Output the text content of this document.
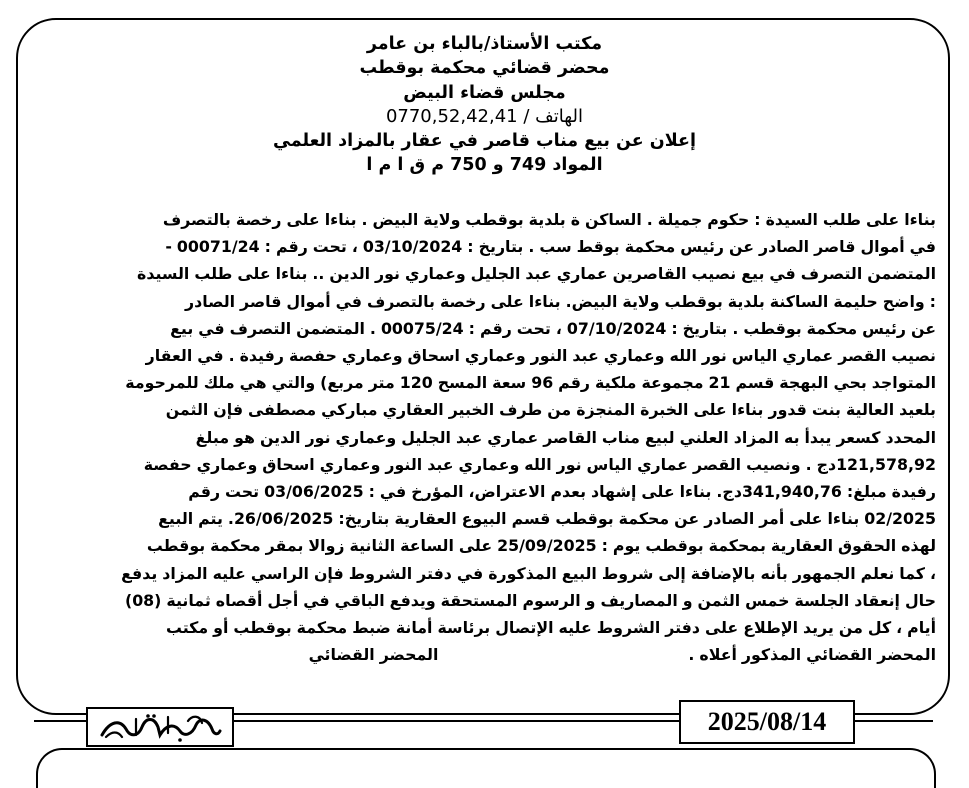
مكتب الأستاذ/بالباء بن عامر
محضر قضائي محكمة بوقطب
مجلس قضاء البيض
الهاتف / 0770,52,42,41
إعلان عن بيع مناب قاصر في عقار بالمزاد العلمي
المواد 749 و 750 م ق ا م ا
بناءا على طلب السيدة : حكوم جميلة . الساكن ة بلدية بوقطب ولاية البيض . بناءا على رخصة بالتصرف
في أموال قاصر الصادر عن رئيس محكمة بوقط سب . بتاريخ : 03/10/2024 ، تحت رقم : 00071/24 -
المتضمن التصرف في بيع نصيب القاصرين عماري عبد الجليل وعماري نور الدين .. بناءا على طلب السيدة
: واضح حليمة الساكنة بلدية بوقطب ولاية البيض. بناءا على رخصة بالتصرف في أموال قاصر الصادر
عن رئيس محكمة بوقطب . بتاريخ : 07/10/2024 ، تحت رقم : 00075/24 . المتضمن التصرف في بيع
نصيب القصر عماري الياس نور الله وعماري عبد النور وعماري اسحاق وعماري حفصة رفيدة . في العقار
المتواجد بحي البهجة قسم 21 مجموعة ملكية رقم 96 سعة المسح 120 متر مربع) والتي هي ملك للمرحومة
بلعيد العالية بنت قدور بناءا على الخبرة المنجزة من طرف الخبير العقاري مباركي مصطفى فإن الثمن
المحدد كسعر يبدأ به المزاد العلني لبيع مناب القاصر عماري عبد الجليل وعماري نور الدين هو مبلغ
121,578,92دج . ونصيب القصر عماري الياس نور الله وعماري عبد النور وعماري اسحاق وعماري حفصة
رفيدة مبلغ: 341,940,76دج. بناءا على إشهاد بعدم الاعتراض، المؤرخ في : 03/06/2025 تحت رقم
02/2025 بناءا على أمر الصادر عن محكمة بوقطب قسم البيوع العقارية بتاريخ: 26/06/2025. يتم البيع
لهذه الحقوق العقارية بمحكمة بوقطب يوم : 25/09/2025 على الساعة الثانية زوالا بمقر محكمة بوقطب
، كما نعلم الجمهور بأنه بالإضافة إلى شروط البيع المذكورة في دفتر الشروط فإن الراسي عليه المزاد يدفع
حال إنعقاد الجلسة خمس الثمن و المصاريف و الرسوم المستحقة ويدفع الباقي في أجل أقصاه ثمانية (08)
أيام ، كل من يريد الإطلاع على دفتر الشروط عليه الإتصال برئاسة أمانة ضبط محكمة بوقطب أو مكتب
المحضر القضائي المذكور أعلاه .                                                  المحضر القضائي
2025/08/14
